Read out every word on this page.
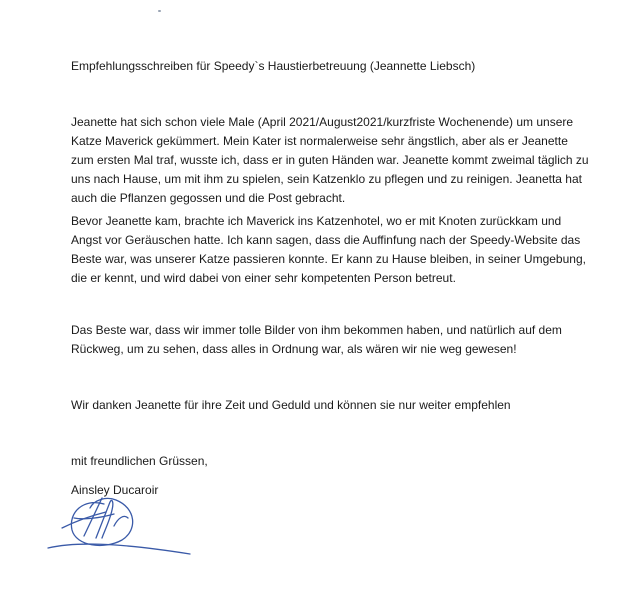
Empfehlungsschreiben für Speedy`s Haustierbetreuung (Jeannette Liebsch)

Jeanette hat sich schon viele Male (April 2021/August2021/kurzfriste Wochenende) um unsere Katze Maverick gekümmert. Mein Kater ist normalerweise sehr ängstlich, aber als er Jeanette zum ersten Mal traf, wusste ich, dass er in guten Händen war. Jeanette kommt zweimal täglich zu uns nach Hause, um mit ihm zu spielen, sein Katzenklo zu pflegen und zu reinigen. Jeanetta hat auch die Pflanzen gegossen und die Post gebracht.

Bevor Jeanette kam, brachte ich Maverick ins Katzenhotel, wo er mit Knoten zurückkam und Angst vor Geräuschen hatte. Ich kann sagen, dass die Auffinfung nach der Speedy-Website das Beste war, was unserer Katze passieren konnte. Er kann zu Hause bleiben, in seiner Umgebung, die er kennt, und wird dabei von einer sehr kompetenten Person betreut.

Das Beste war, dass wir immer tolle Bilder von ihm bekommen haben, und natürlich auf dem Rückweg, um zu sehen, dass alles in Ordnung war, als wären wir nie weg gewesen!

Wir danken Jeanette für ihre Zeit und Geduld und können sie nur weiter empfehlen

mit freundlichen Grüssen,

Ainsley Ducaroir
